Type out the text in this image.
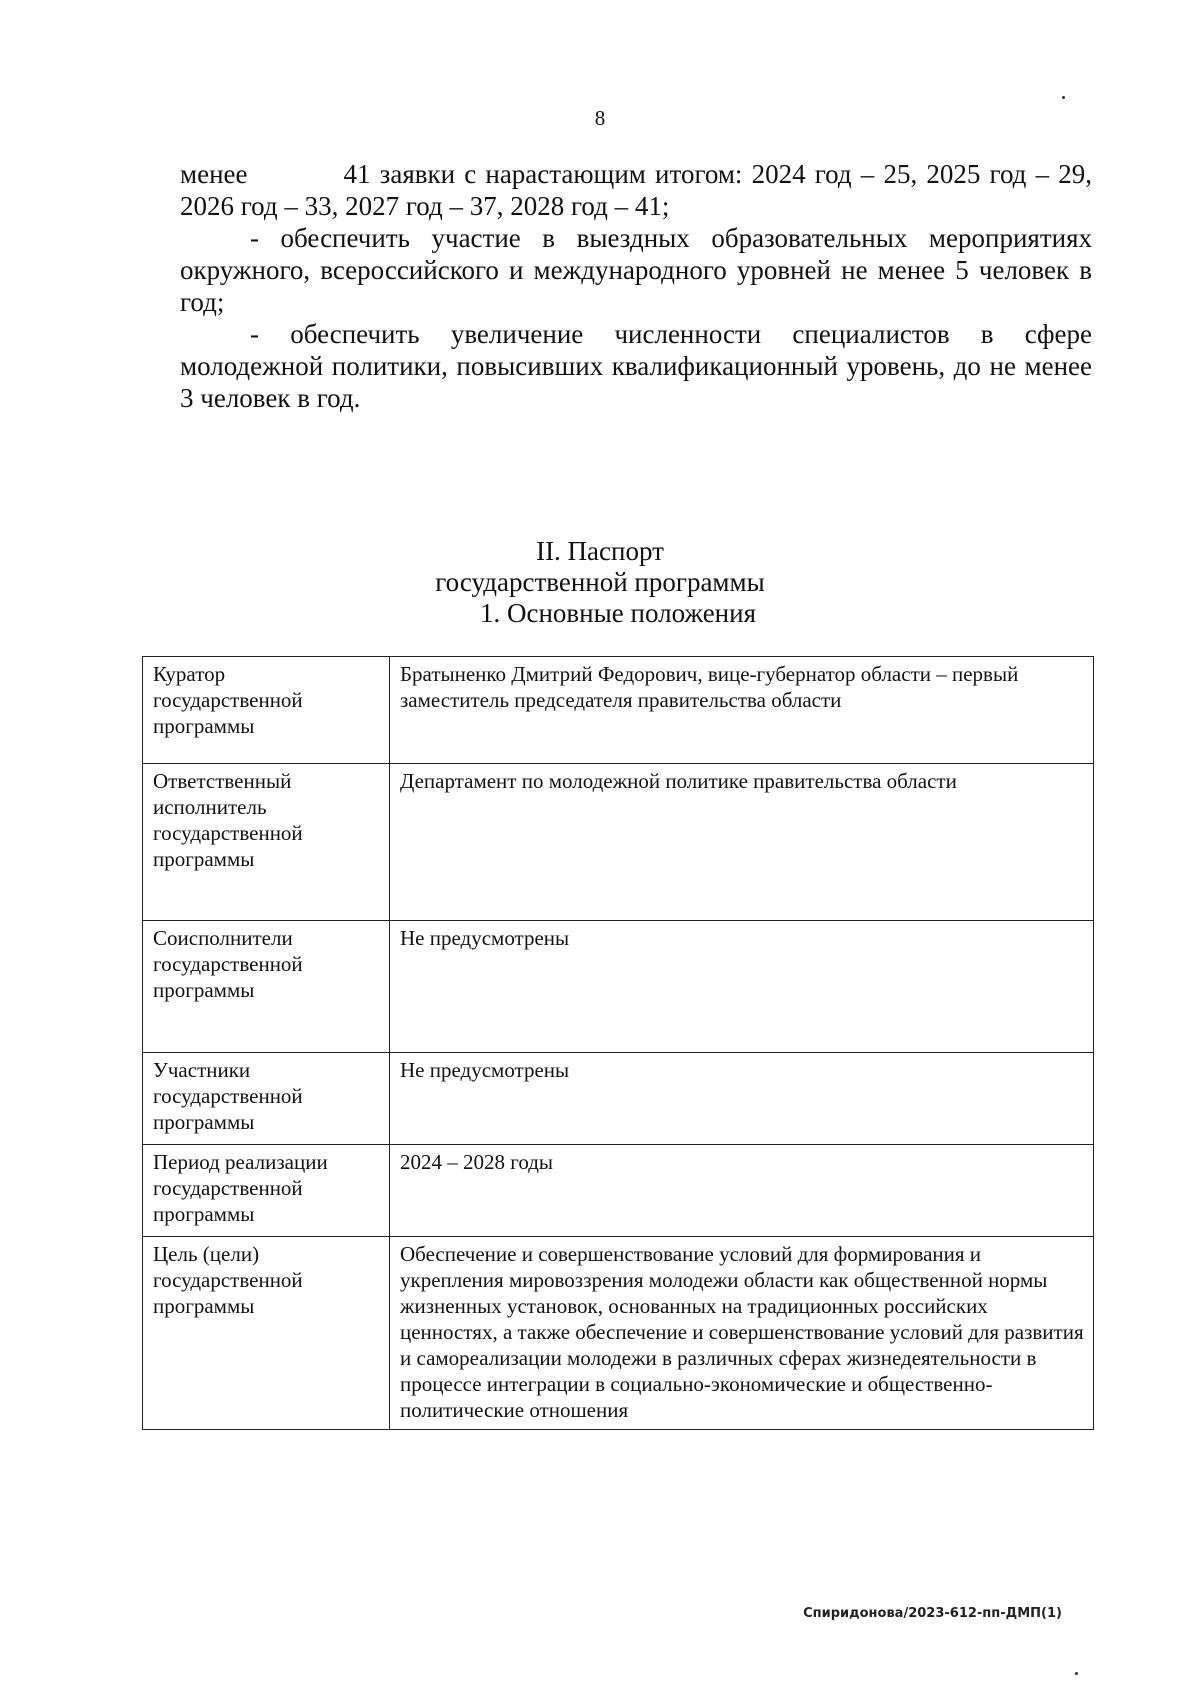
8

менее	41 заявки с нарастающим итогом: 2024 год – 25, 2025 год – 29, 2026 год – 33, 2027 год – 37, 2028 год – 41;

- обеспечить участие в выездных образовательных мероприятиях окружного, всероссийского и международного уровней не менее 5 человек в год;

- обеспечить увеличение численности специалистов в сфере молодежной политики, повысивших квалификационный уровень, до не менее 3 человек в год.

II. Паспорт
государственной программы
1. Основные положения
Куратор государственной программы	Братыненко Дмитрий Федорович, вице-губернатор области – первый заместитель председателя правительства области
Ответственный исполнитель государственной программы	Департамент по молодежной политике правительства области
Соисполнители государственной программы	Не предусмотрены
Участники государственной программы	Не предусмотрены
Период реализации государственной программы	2024 – 2028 годы
Цель (цели) государственной программы	Обеспечение и совершенствование условий для формирования и укрепления мировоззрения молодежи области как общественной нормы жизненных установок, основанных на традиционных российских ценностях, а также обеспечение и совершенствование условий для развития и самореализации молодежи в различных сферах жизнедеятельности в процессе интеграции в социально-экономические и общественно-политические отношения
Спиридонова/2023-612-пп-ДМП(1)
